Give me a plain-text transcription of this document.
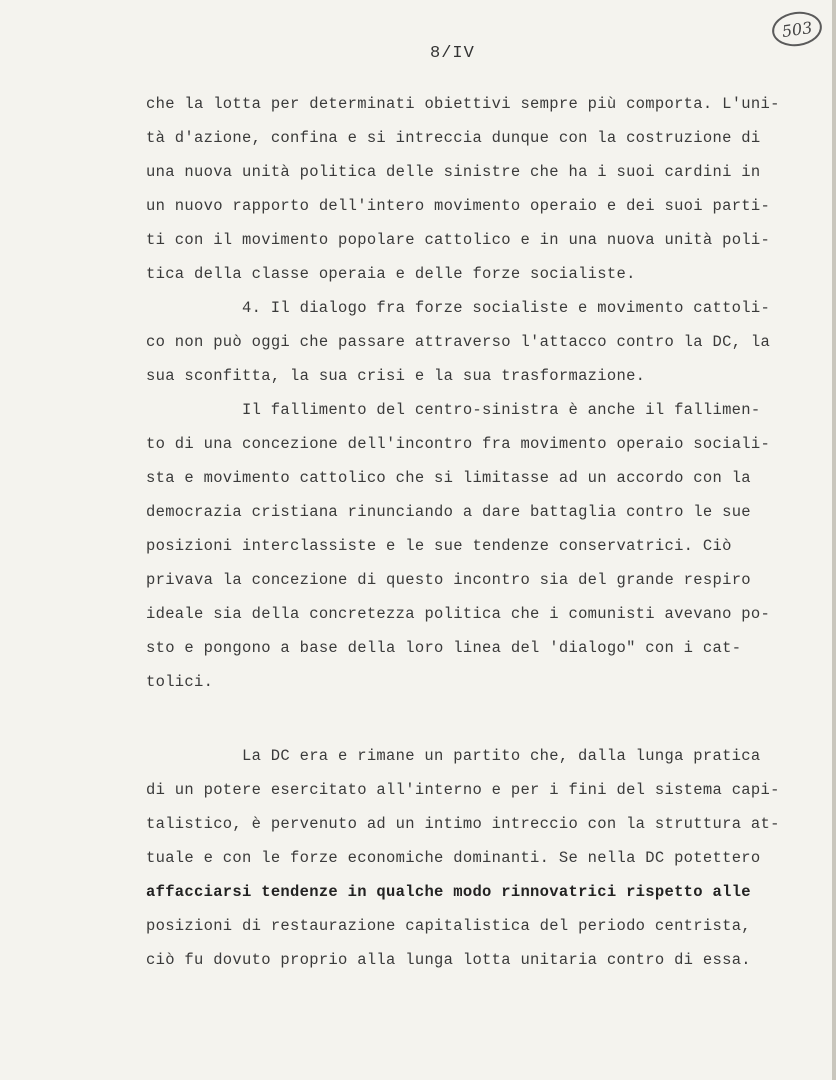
503
8/IV
che la lotta per determinati obiettivi sempre più comporta. L'uni-
tà d'azione, confina e si intreccia dunque con la costruzione di
una nuova unità politica delle sinistre che ha i suoi cardini in
un nuovo rapporto dell'intero movimento operaio e dei suoi parti-
ti con il movimento popolare cattolico e in una nuova unità poli-
tica della classe operaia e delle forze socialiste.
4. Il dialogo fra forze socialiste e movimento cattoli-
co non può oggi che passare attraverso l'attacco contro la DC, la
sua sconfitta, la sua crisi e la sua trasformazione.
Il fallimento del centro-sinistra è anche il fallimen-
to di una concezione dell'incontro fra movimento operaio sociali-
sta e movimento cattolico che si limitasse ad un accordo con la
democrazia cristiana rinunciando a dare battaglia contro le sue
posizioni interclassiste e le sue tendenze conservatrici. Ciò
privava la concezione di questo incontro sia del grande respiro
ideale sia della concretezza politica che i comunisti avevano po-
sto e pongono a base della loro linea del 'dialogo" con i cat-
tolici.
La DC era e rimane un partito che, dalla lunga pratica
di un potere esercitato all'interno e per i fini del sistema capi-
talistico, è pervenuto ad un intimo intreccio con la struttura at-
tuale e con le forze economiche dominanti. Se nella DC potettero
affacciarsi tendenze in qualche modo rinnovatrici rispetto alle
posizioni di restaurazione capitalistica del periodo centrista,
ciò fu dovuto proprio alla lunga lotta unitaria contro di essa.
